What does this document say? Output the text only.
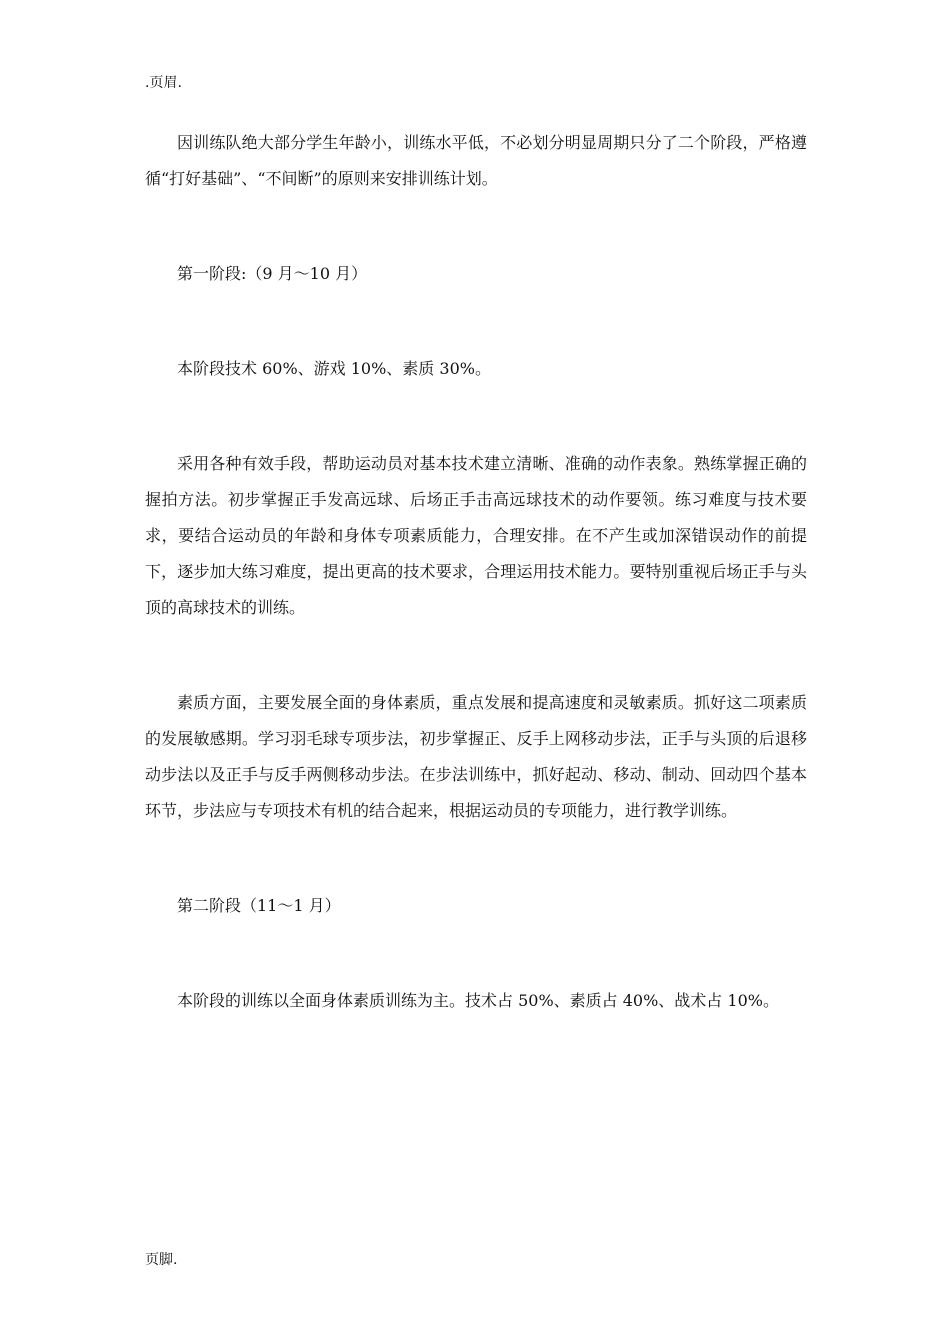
.页眉.

因训练队绝大部分学生年龄小，训练水平低，不必划分明显周期只分了二个阶段，严格遵循“打好基础”、“不间断”的原则来安排训练计划。

第一阶段:（9 月～10 月）

本阶段技术 60%、游戏 10%、素质 30%。

采用各种有效手段，帮助运动员对基本技术建立清晰、准确的动作表象。熟练掌握正确的握拍方法。初步掌握正手发高远球、后场正手击高远球技术的动作要领。练习难度与技术要求，要结合运动员的年龄和身体专项素质能力，合理安排。在不产生或加深错误动作的前提下，逐步加大练习难度，提出更高的技术要求，合理运用技术能力。要特别重视后场正手与头顶的高球技术的训练。

素质方面，主要发展全面的身体素质，重点发展和提高速度和灵敏素质。抓好这二项素质的发展敏感期。学习羽毛球专项步法，初步掌握正、反手上网移动步法，正手与头顶的后退移动步法以及正手与反手两侧移动步法。在步法训练中，抓好起动、移动、制动、回动四个基本环节，步法应与专项技术有机的结合起来，根据运动员的专项能力，进行教学训练。

第二阶段（11～1 月）

本阶段的训练以全面身体素质训练为主。技术占 50%、素质占 40%、战术占 10%。

页脚.
